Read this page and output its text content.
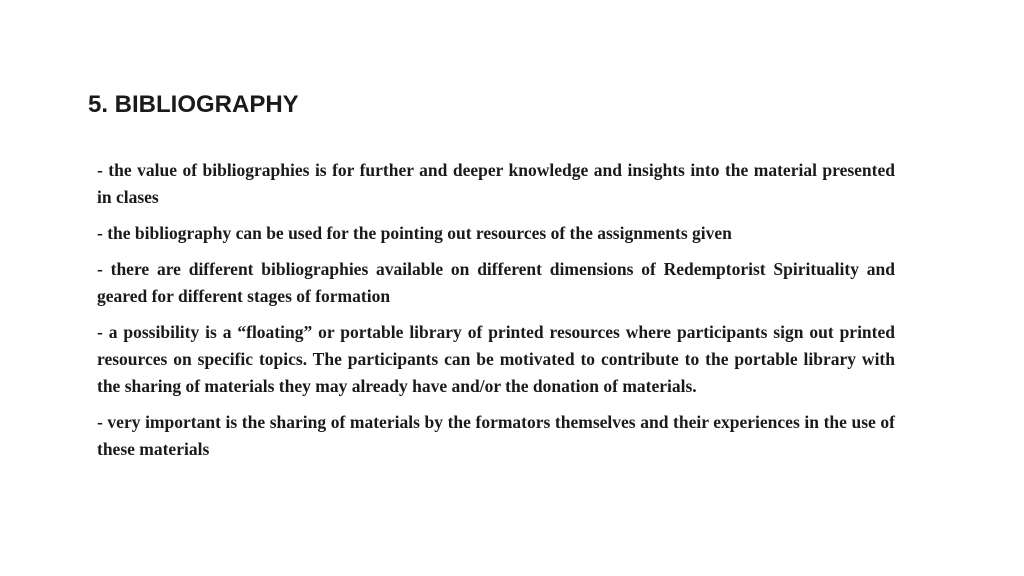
5. BIBLIOGRAPHY

- the value of bibliographies is for further and deeper knowledge and insights into the material presented in clases

- the bibliography can be used for the pointing out resources of the assignments given

- there are different bibliographies available on different dimensions of Redemptorist Spirituality and geared for different stages of formation

- a possibility is a “floating” or portable library of printed resources where participants sign out printed resources on specific topics. The participants can be motivated to contribute to the portable library with the sharing of materials they may already have and/or the donation of materials.

- very important is the sharing of materials by the formators themselves and their experiences in the use of these materials
